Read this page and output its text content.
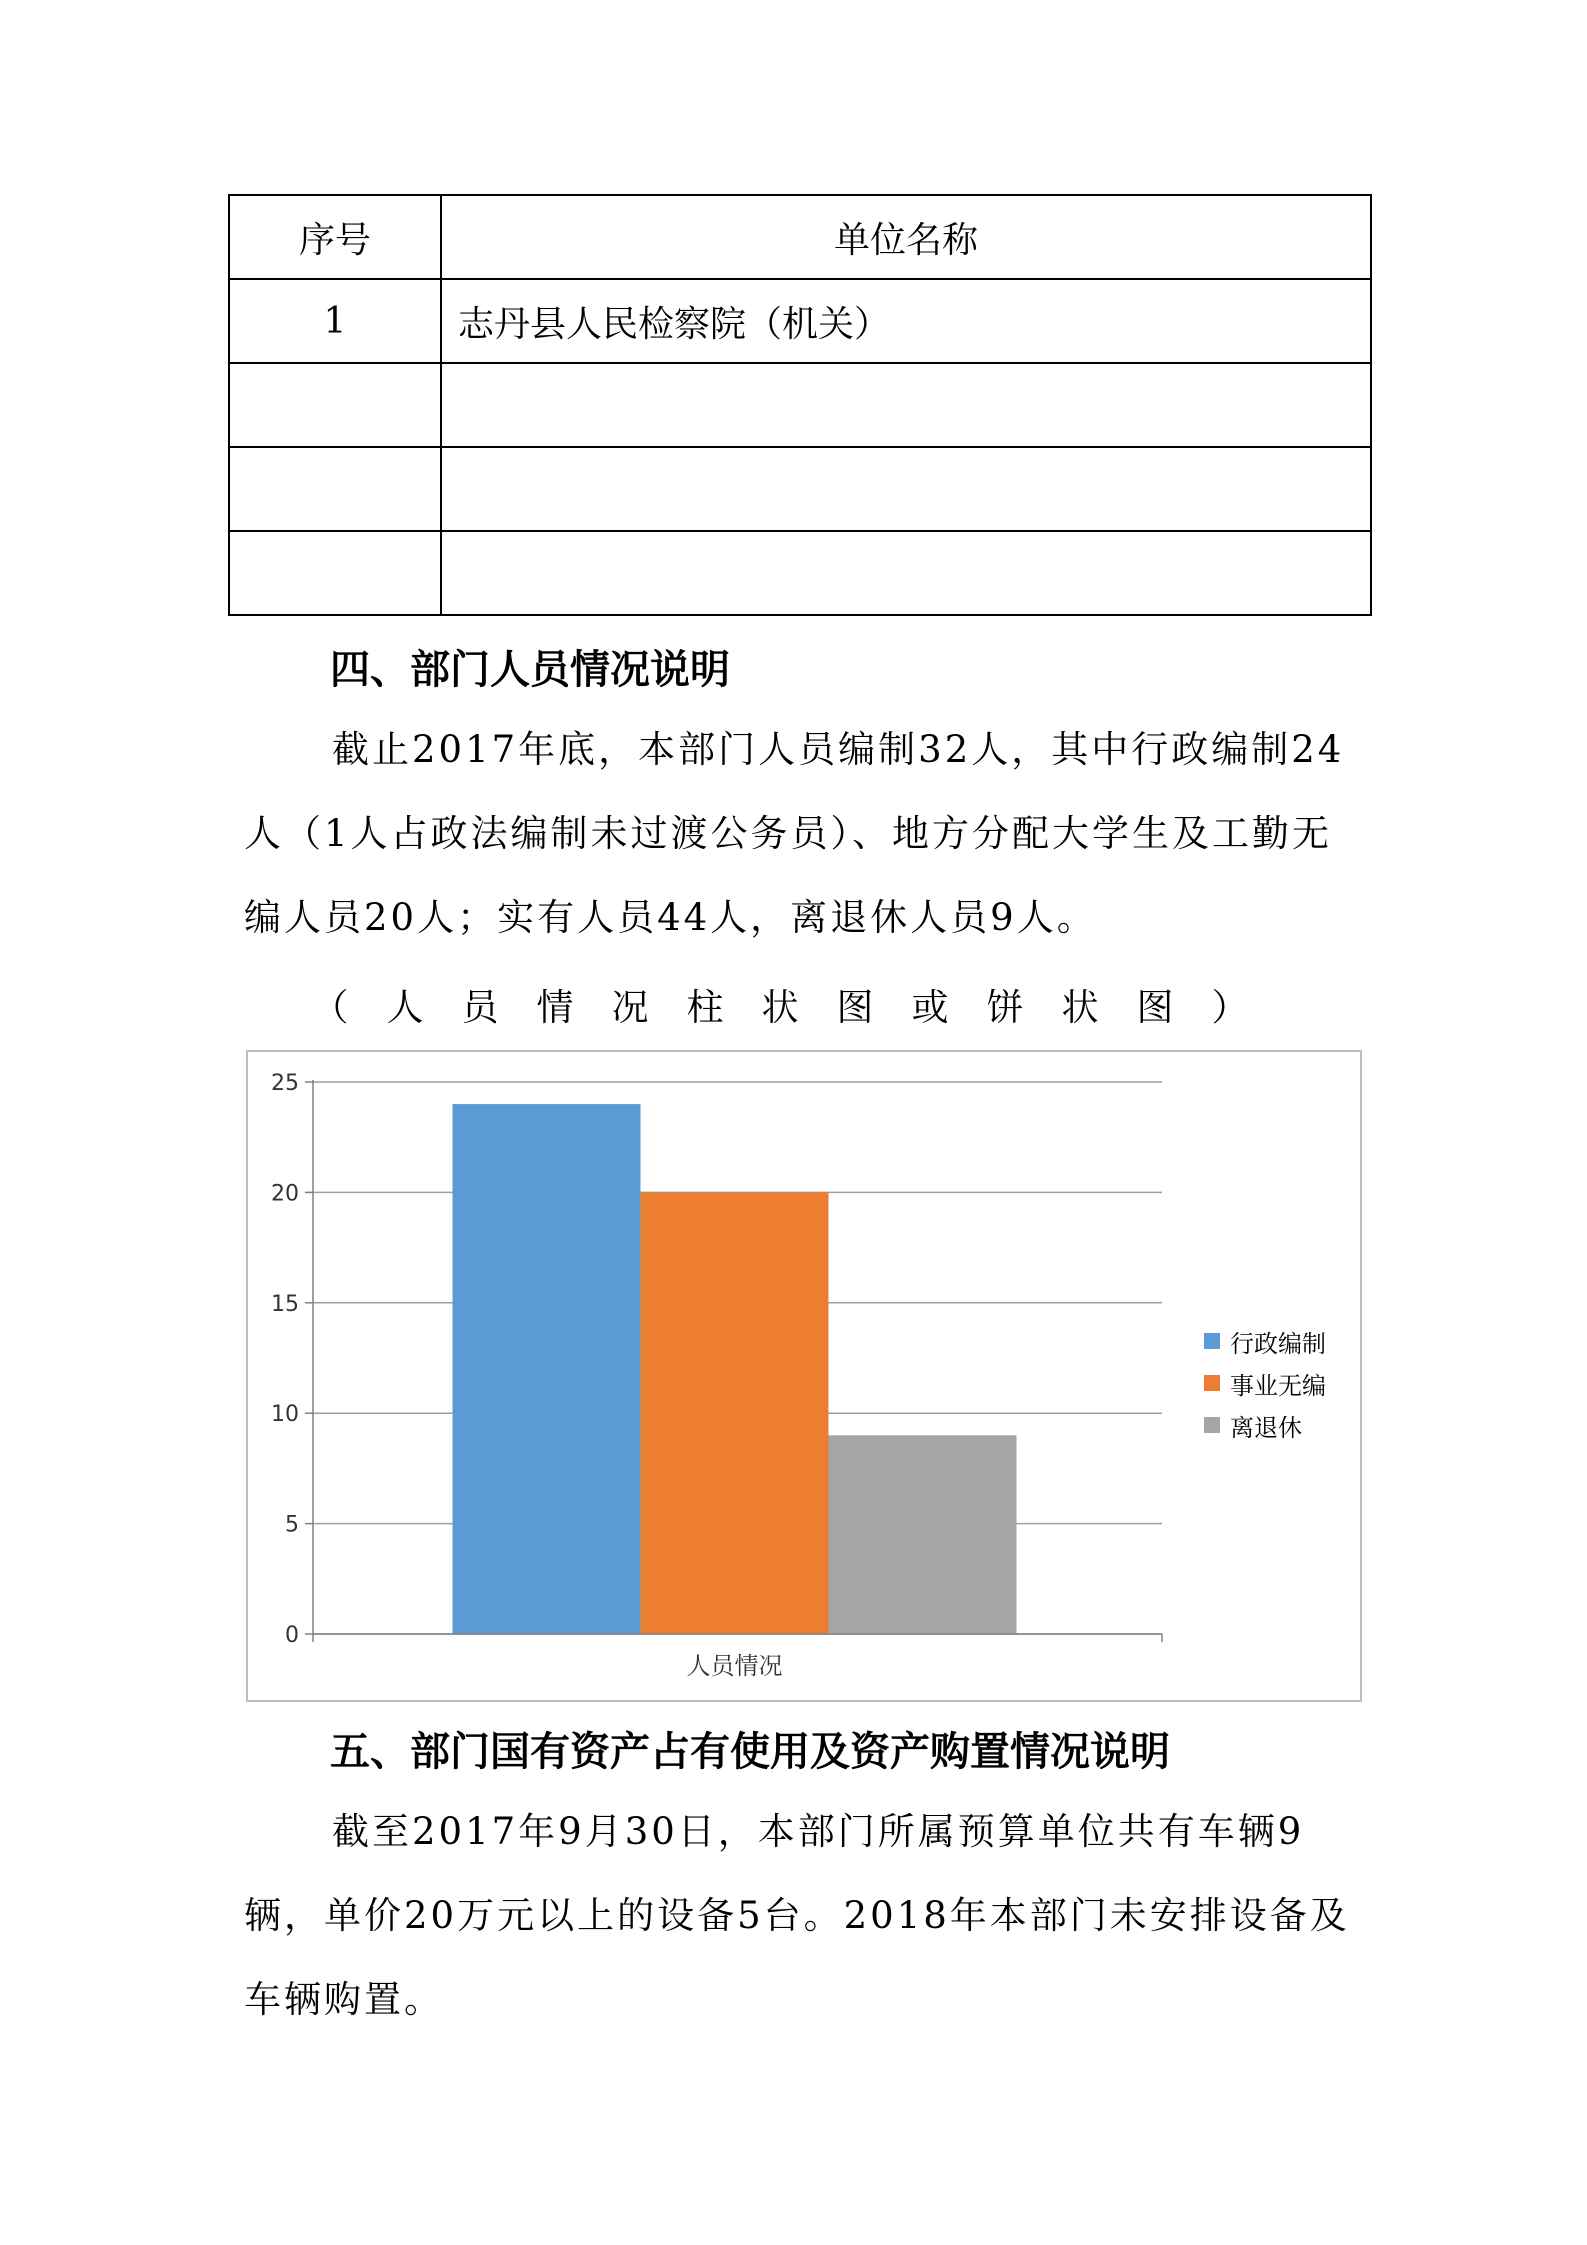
序号	单位名称
1	志丹县人民检察院（机关）

四、部门人员情况说明

截止2017年底，本部门人员编制32人，其中行政编制24人（1人占政法编制未过渡公务员）、地方分配大学生及工勤无编人员20人；实有人员44人，离退休人员9人。

（人员情况柱状图或饼状图）
0
5
10
15
20
25
人员情况
行政编制
事业无编
离退休
五、部门国有资产占有使用及资产购置情况说明

截至2017年9月30日，本部门所属预算单位共有车辆9辆，单价20万元以上的设备5台。2018年本部门未安排设备及车辆购置。
